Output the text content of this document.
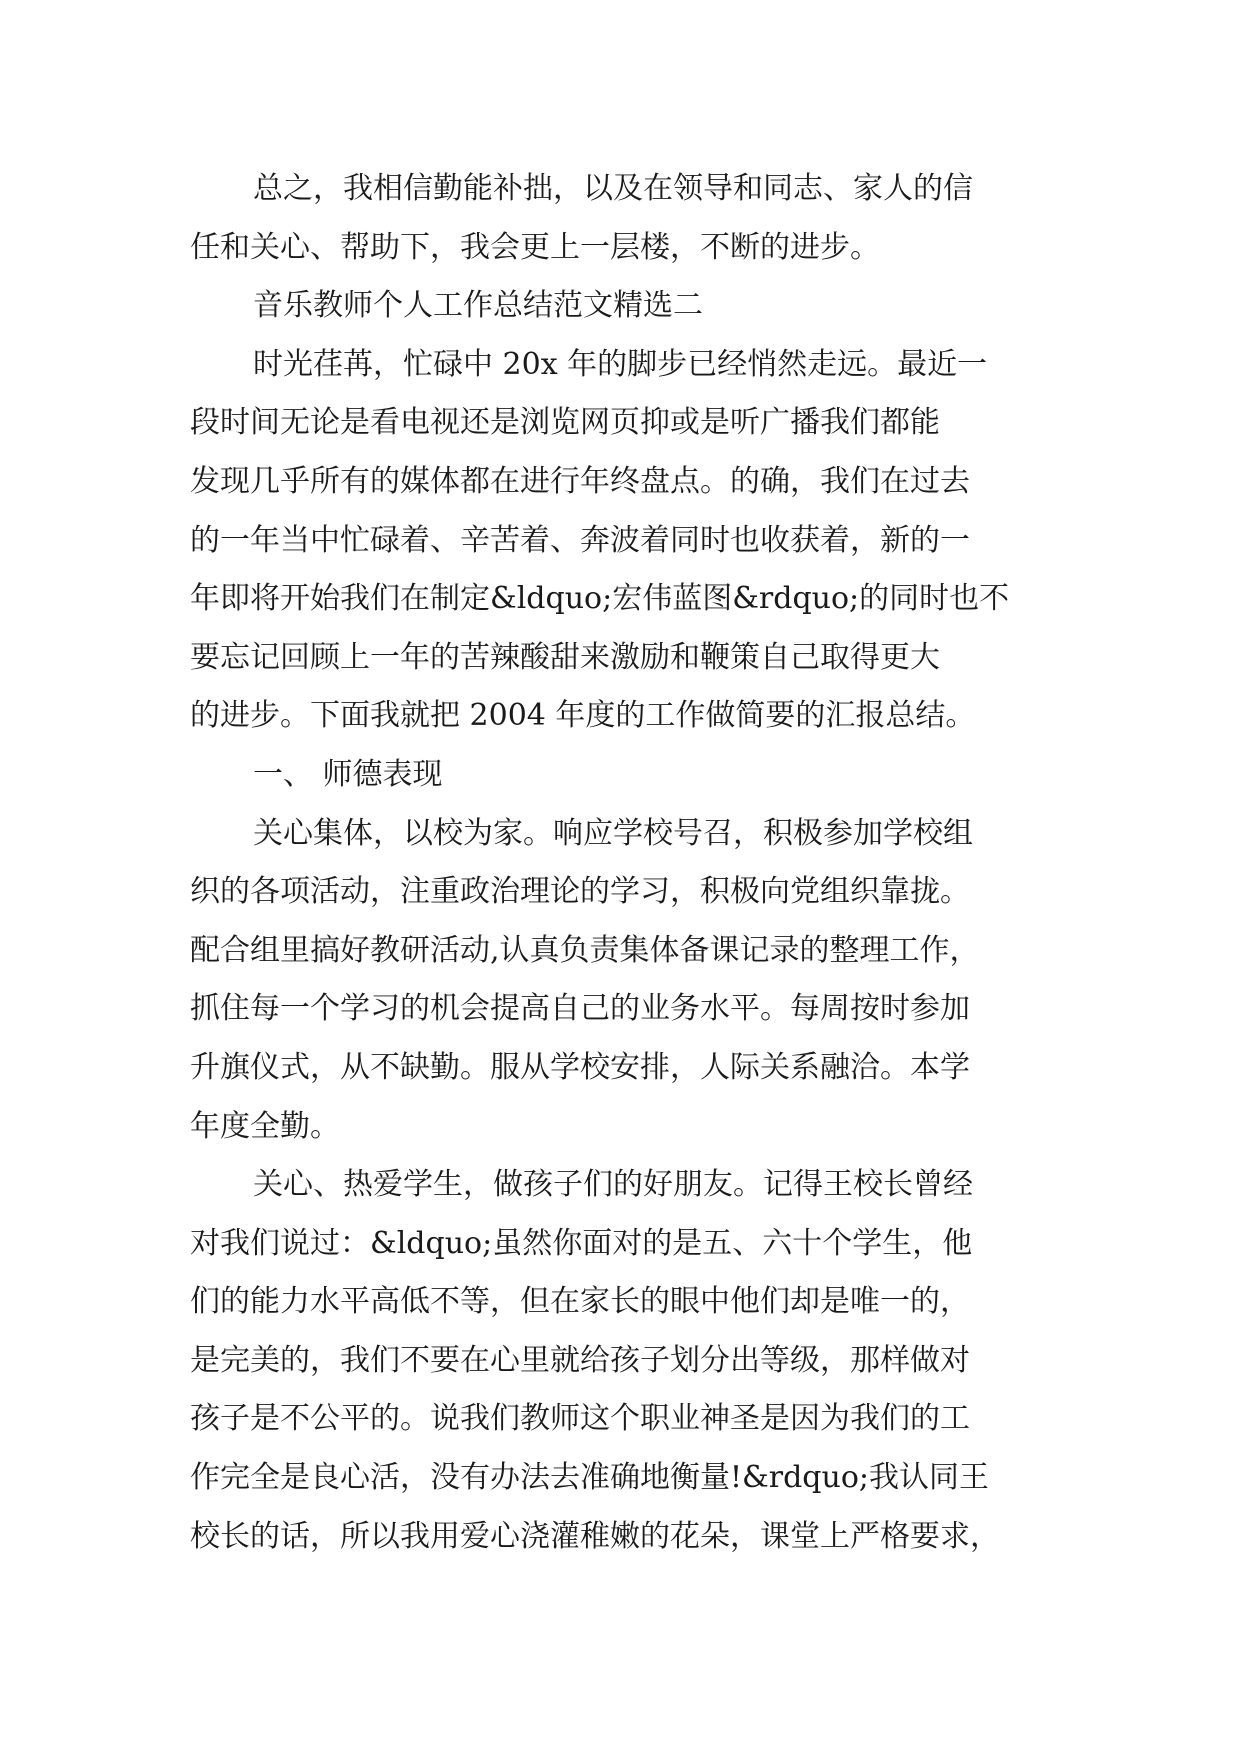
总之，我相信勤能补拙，以及在领导和同志、家人的信
任和关心、帮助下，我会更上一层楼，不断的进步。
音乐教师个人工作总结范文精选二
时光荏苒，忙碌中 20x 年的脚步已经悄然走远。最近一
段时间无论是看电视还是浏览网页抑或是听广播我们都能
发现几乎所有的媒体都在进行年终盘点。的确，我们在过去
的一年当中忙碌着、辛苦着、奔波着同时也收获着，新的一
年即将开始我们在制定&ldquo;宏伟蓝图&rdquo;的同时也不
要忘记回顾上一年的苦辣酸甜来激励和鞭策自己取得更大
的进步。下面我就把 2004 年度的工作做简要的汇报总结。
一、 师德表现
关心集体，以校为家。响应学校号召，积极参加学校组
织的各项活动，注重政治理论的学习，积极向党组织靠拢。
配合组里搞好教研活动,认真负责集体备课记录的整理工作，
抓住每一个学习的机会提高自己的业务水平。每周按时参加
升旗仪式，从不缺勤。服从学校安排，人际关系融洽。本学
年度全勤。
关心、热爱学生，做孩子们的好朋友。记得王校长曾经
对我们说过：&ldquo;虽然你面对的是五、六十个学生，他
们的能力水平高低不等，但在家长的眼中他们却是唯一的，
是完美的，我们不要在心里就给孩子划分出等级，那样做对
孩子是不公平的。说我们教师这个职业神圣是因为我们的工
作完全是良心活，没有办法去准确地衡量!&rdquo;我认同王
校长的话，所以我用爱心浇灌稚嫩的花朵，课堂上严格要求，
